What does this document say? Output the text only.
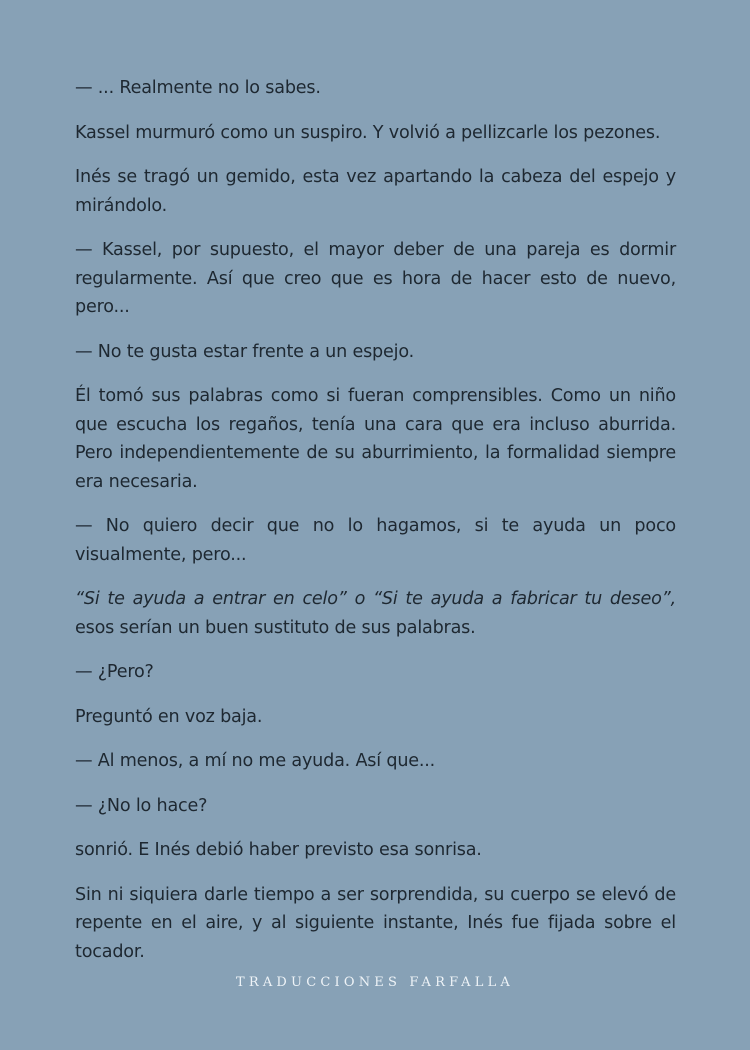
— ... Realmente no lo sabes.

Kassel murmuró como un suspiro. Y volvió a pellizcarle los pezones.

Inés se tragó un gemido, esta vez apartando la cabeza del espejo y mirándolo.

— Kassel, por supuesto, el mayor deber de una pareja es dormir regularmente. Así que creo que es hora de hacer esto de nuevo, pero...

— No te gusta estar frente a un espejo.

Él tomó sus palabras como si fueran comprensibles. Como un niño que escucha los regaños, tenía una cara que era incluso aburrida. Pero independientemente de su aburrimiento, la formalidad siempre era necesaria.

— No quiero decir que no lo hagamos, si te ayuda un poco visualmente, pero...

“Si te ayuda a entrar en celo” o “Si te ayuda a fabricar tu deseo”, esos serían un buen sustituto de sus palabras.

— ¿Pero?

Preguntó en voz baja.

— Al menos, a mí no me ayuda. Así que...

— ¿No lo hace?

sonrió. E Inés debió haber previsto esa sonrisa.

Sin ni siquiera darle tiempo a ser sorprendida, su cuerpo se elevó de repente en el aire, y al siguiente instante, Inés fue fijada sobre el tocador.

TRADUCCIONES FARFALLA
